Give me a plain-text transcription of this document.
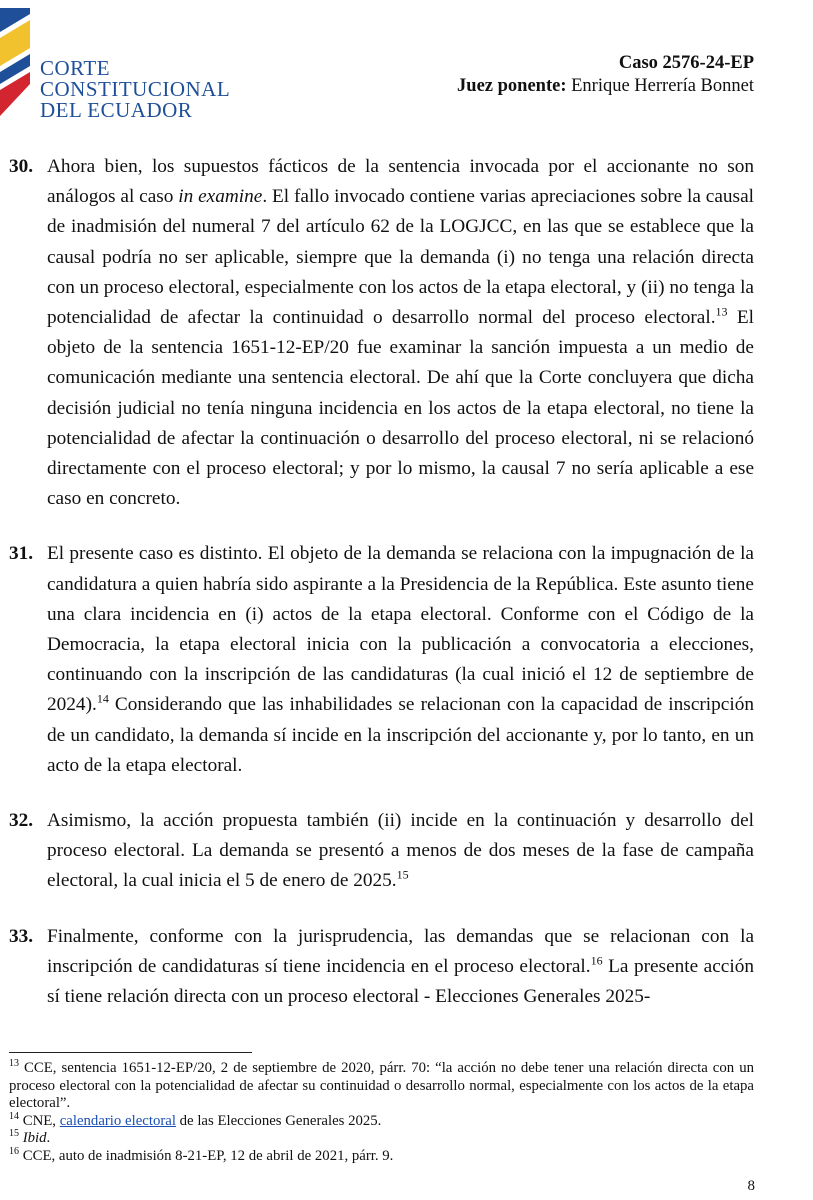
CORTE
CONSTITUCIONAL
DEL ECUADOR
Caso 2576-24-EP
Juez ponente: Enrique Herrería Bonnet
30. Ahora bien, los supuestos fácticos de la sentencia invocada por el accionante no son análogos al caso in examine. El fallo invocado contiene varias apreciaciones sobre la causal de inadmisión del numeral 7 del artículo 62 de la LOGJCC, en las que se establece que la causal podría no ser aplicable, siempre que la demanda (i) no tenga una relación directa con un proceso electoral, especialmente con los actos de la etapa electoral, y (ii) no tenga la potencialidad de afectar la continuidad o desarrollo normal del proceso electoral.$^{13}$ El objeto de la sentencia 1651-12-EP/20 fue examinar la sanción impuesta a un medio de comunicación mediante una sentencia electoral. De ahí que la Corte concluyera que dicha decisión judicial no tenía ninguna incidencia en los actos de la etapa electoral, no tiene la potencialidad de afectar la continuación o desarrollo del proceso electoral, ni se relacionó directamente con el proceso electoral; y por lo mismo, la causal 7 no sería aplicable a ese caso en concreto.
31. El presente caso es distinto. El objeto de la demanda se relaciona con la impugnación de la candidatura a quien habría sido aspirante a la Presidencia de la República. Este asunto tiene una clara incidencia en (i) actos de la etapa electoral. Conforme con el Código de la Democracia, la etapa electoral inicia con la publicación a convocatoria a elecciones, continuando con la inscripción de las candidaturas (la cual inició el 12 de septiembre de 2024).$^{14}$ Considerando que las inhabilidades se relacionan con la capacidad de inscripción de un candidato, la demanda sí incide en la inscripción del accionante y, por lo tanto, en un acto de la etapa electoral.
32. Asimismo, la acción propuesta también (ii) incide en la continuación y desarrollo del proceso electoral. La demanda se presentó a menos de dos meses de la fase de campaña electoral, la cual inicia el 5 de enero de 2025.15
33. Finalmente, conforme con la jurisprudencia, las demandas que se relacionan con la inscripción de candidaturas sí tiene incidencia en el proceso electoral.$^{16}$ La presente acción sí tiene relación directa con un proceso electoral - Elecciones Generales 2025-
$^{13}$ CCE, sentencia 1651-12-EP/20, 2 de septiembre de 2020, párr. 70: “la acción no debe tener una relación directa con un proceso electoral con la potencialidad de afectar su continuidad o desarrollo normal, especialmente con los actos de la etapa electoral”.
$^{14}$ CNE, calendario electoral de las Elecciones Generales 2025.
$^{15}$ Ibid.
$^{16}$ CCE, auto de inadmisión 8-21-EP, 12 de abril de 2021, párr. 9.
8
